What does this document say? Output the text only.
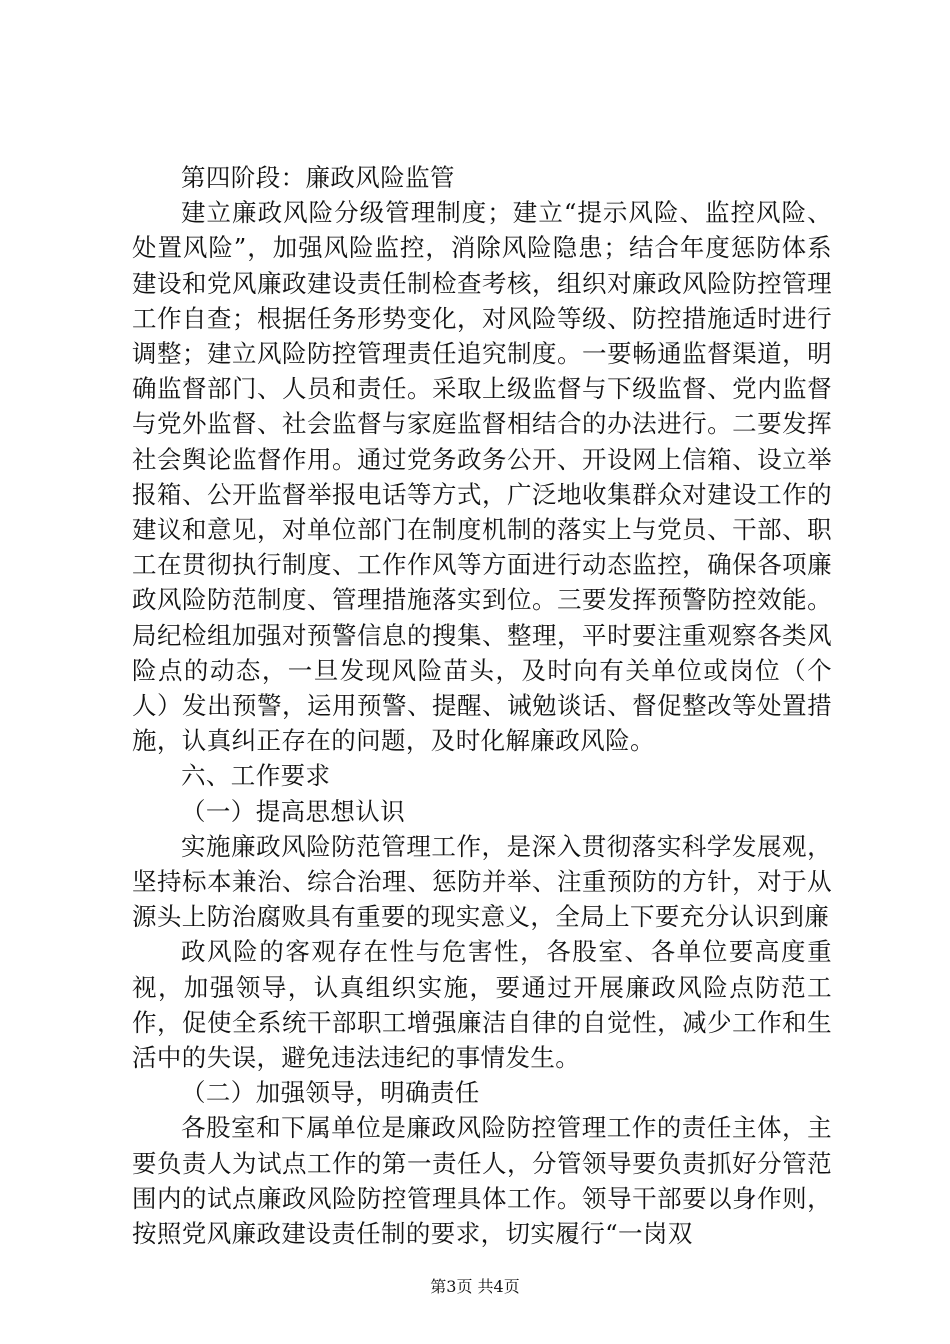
第四阶段：廉政风险监管

建立廉政风险分级管理制度；建立“提示风险、监控风险、处置风险”，加强风险监控，消除风险隐患；结合年度惩防体系建设和党风廉政建设责任制检查考核，组织对廉政风险防控管理工作自查；根据任务形势变化，对风险等级、防控措施适时进行调整；建立风险防控管理责任追究制度。一要畅通监督渠道，明确监督部门、人员和责任。采取上级监督与下级监督、党内监督与党外监督、社会监督与家庭监督相结合的办法进行。二要发挥社会舆论监督作用。通过党务政务公开、开设网上信箱、设立举报箱、公开监督举报电话等方式，广泛地收集群众对建设工作的建议和意见，对单位部门在制度机制的落实上与党员、干部、职工在贯彻执行制度、工作作风等方面进行动态监控，确保各项廉政风险防范制度、管理措施落实到位。三要发挥预警防控效能。局纪检组加强对预警信息的搜集、整理，平时要注重观察各类风险点的动态，一旦发现风险苗头，及时向有关单位或岗位（个人）发出预警，运用预警、提醒、诫勉谈话、督促整改等处置措施，认真纠正存在的问题，及时化解廉政风险。

六、工作要求

（一）提高思想认识

实施廉政风险防范管理工作，是深入贯彻落实科学发展观，坚持标本兼治、综合治理、惩防并举、注重预防的方针，对于从源头上防治腐败具有重要的现实意义，全局上下要充分认识到廉

政风险的客观存在性与危害性，各股室、各单位要高度重视，加强领导，认真组织实施，要通过开展廉政风险点防范工作，促使全系统干部职工增强廉洁自律的自觉性，减少工作和生活中的失误，避免违法违纪的事情发生。

（二）加强领导，明确责任

各股室和下属单位是廉政风险防控管理工作的责任主体，主要负责人为试点工作的第一责任人，分管领导要负责抓好分管范围内的试点廉政风险防控管理具体工作。领导干部要以身作则，按照党风廉政建设责任制的要求，切实履行“一岗双

第3页 共4页
